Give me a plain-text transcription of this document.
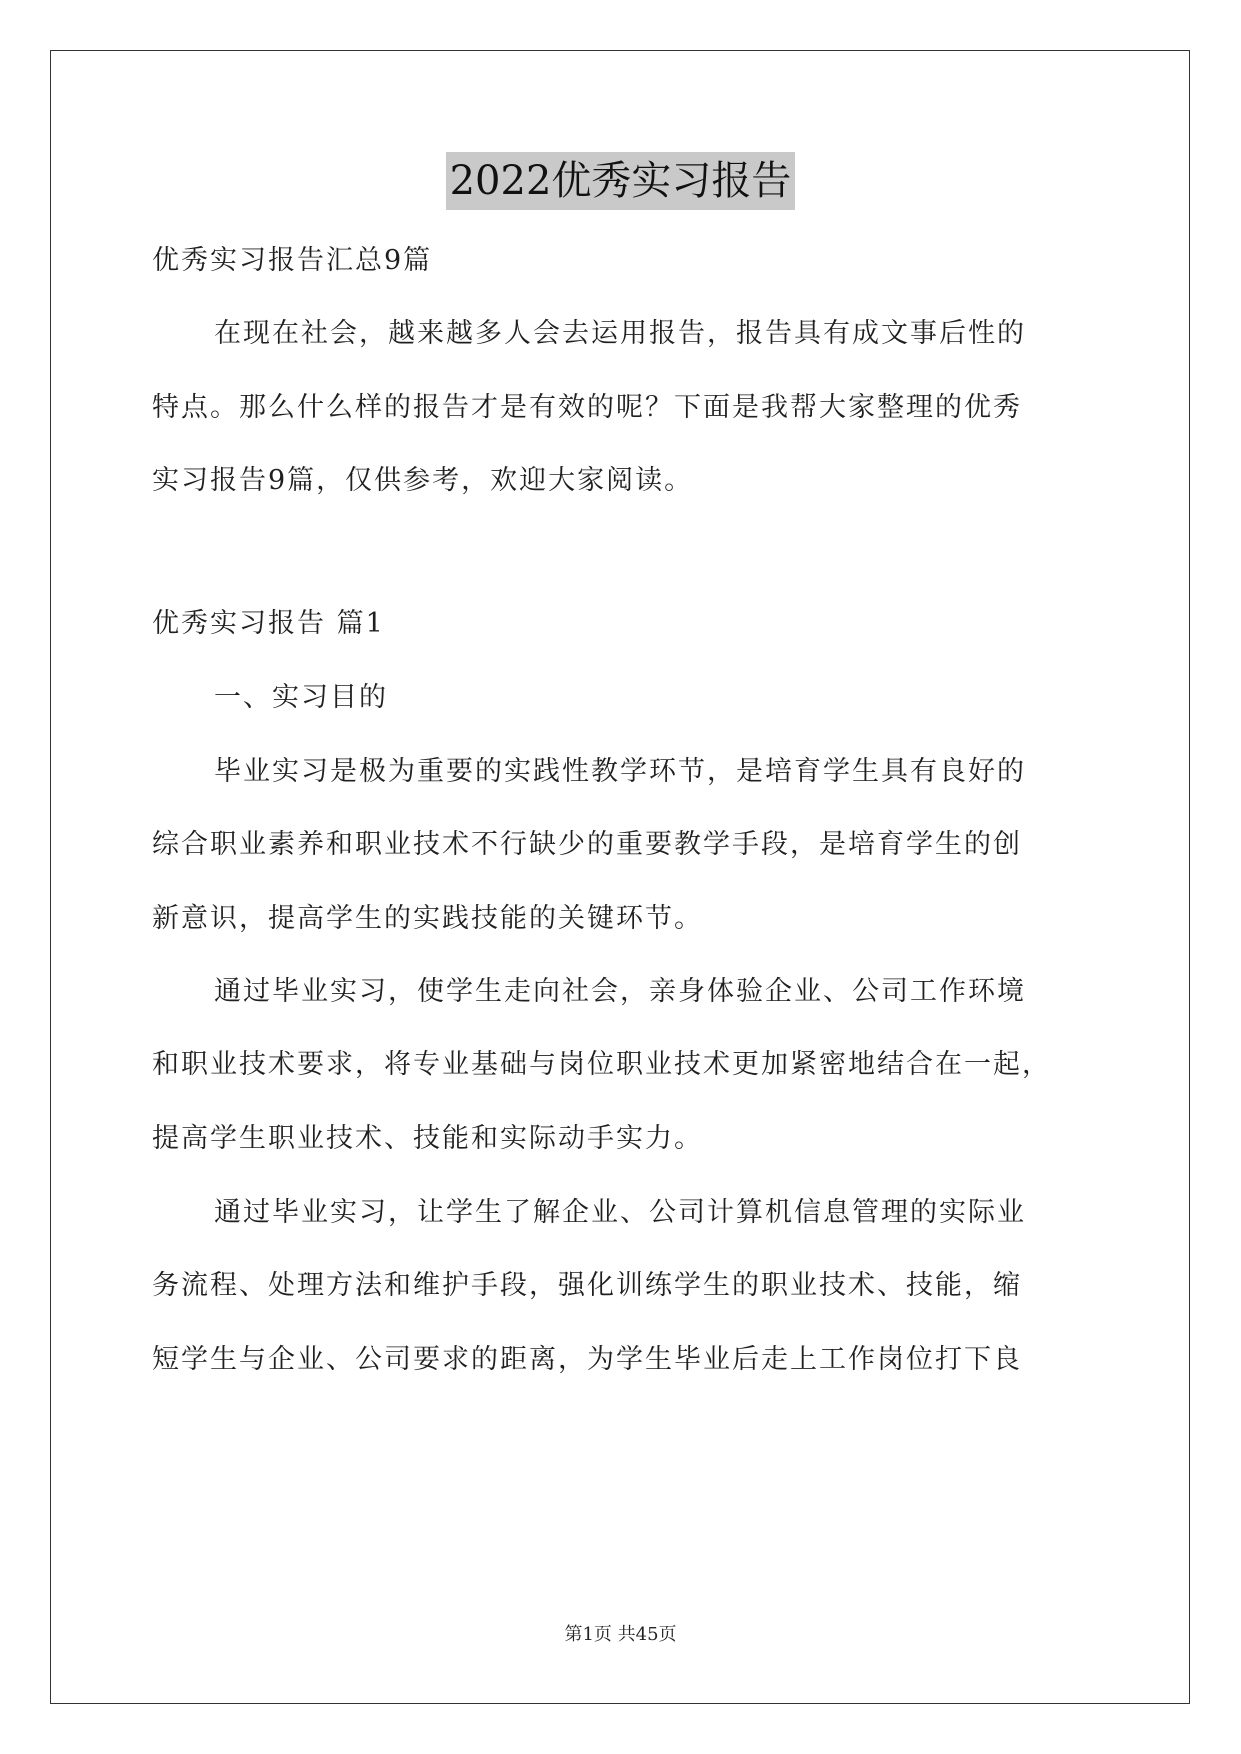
2022优秀实习报告
优秀实习报告汇总9篇
在现在社会，越来越多人会去运用报告，报告具有成文事后性的
特点。那么什么样的报告才是有效的呢？下面是我帮大家整理的优秀
实习报告9篇，仅供参考，欢迎大家阅读。
优秀实习报告 篇1
一、实习目的
毕业实习是极为重要的实践性教学环节，是培育学生具有良好的
综合职业素养和职业技术不行缺少的重要教学手段，是培育学生的创
新意识，提高学生的实践技能的关键环节。
通过毕业实习，使学生走向社会，亲身体验企业、公司工作环境
和职业技术要求，将专业基础与岗位职业技术更加紧密地结合在一起，
提高学生职业技术、技能和实际动手实力。
通过毕业实习，让学生了解企业、公司计算机信息管理的实际业
务流程、处理方法和维护手段，强化训练学生的职业技术、技能，缩
短学生与企业、公司要求的距离，为学生毕业后走上工作岗位打下良
第1页 共45页
